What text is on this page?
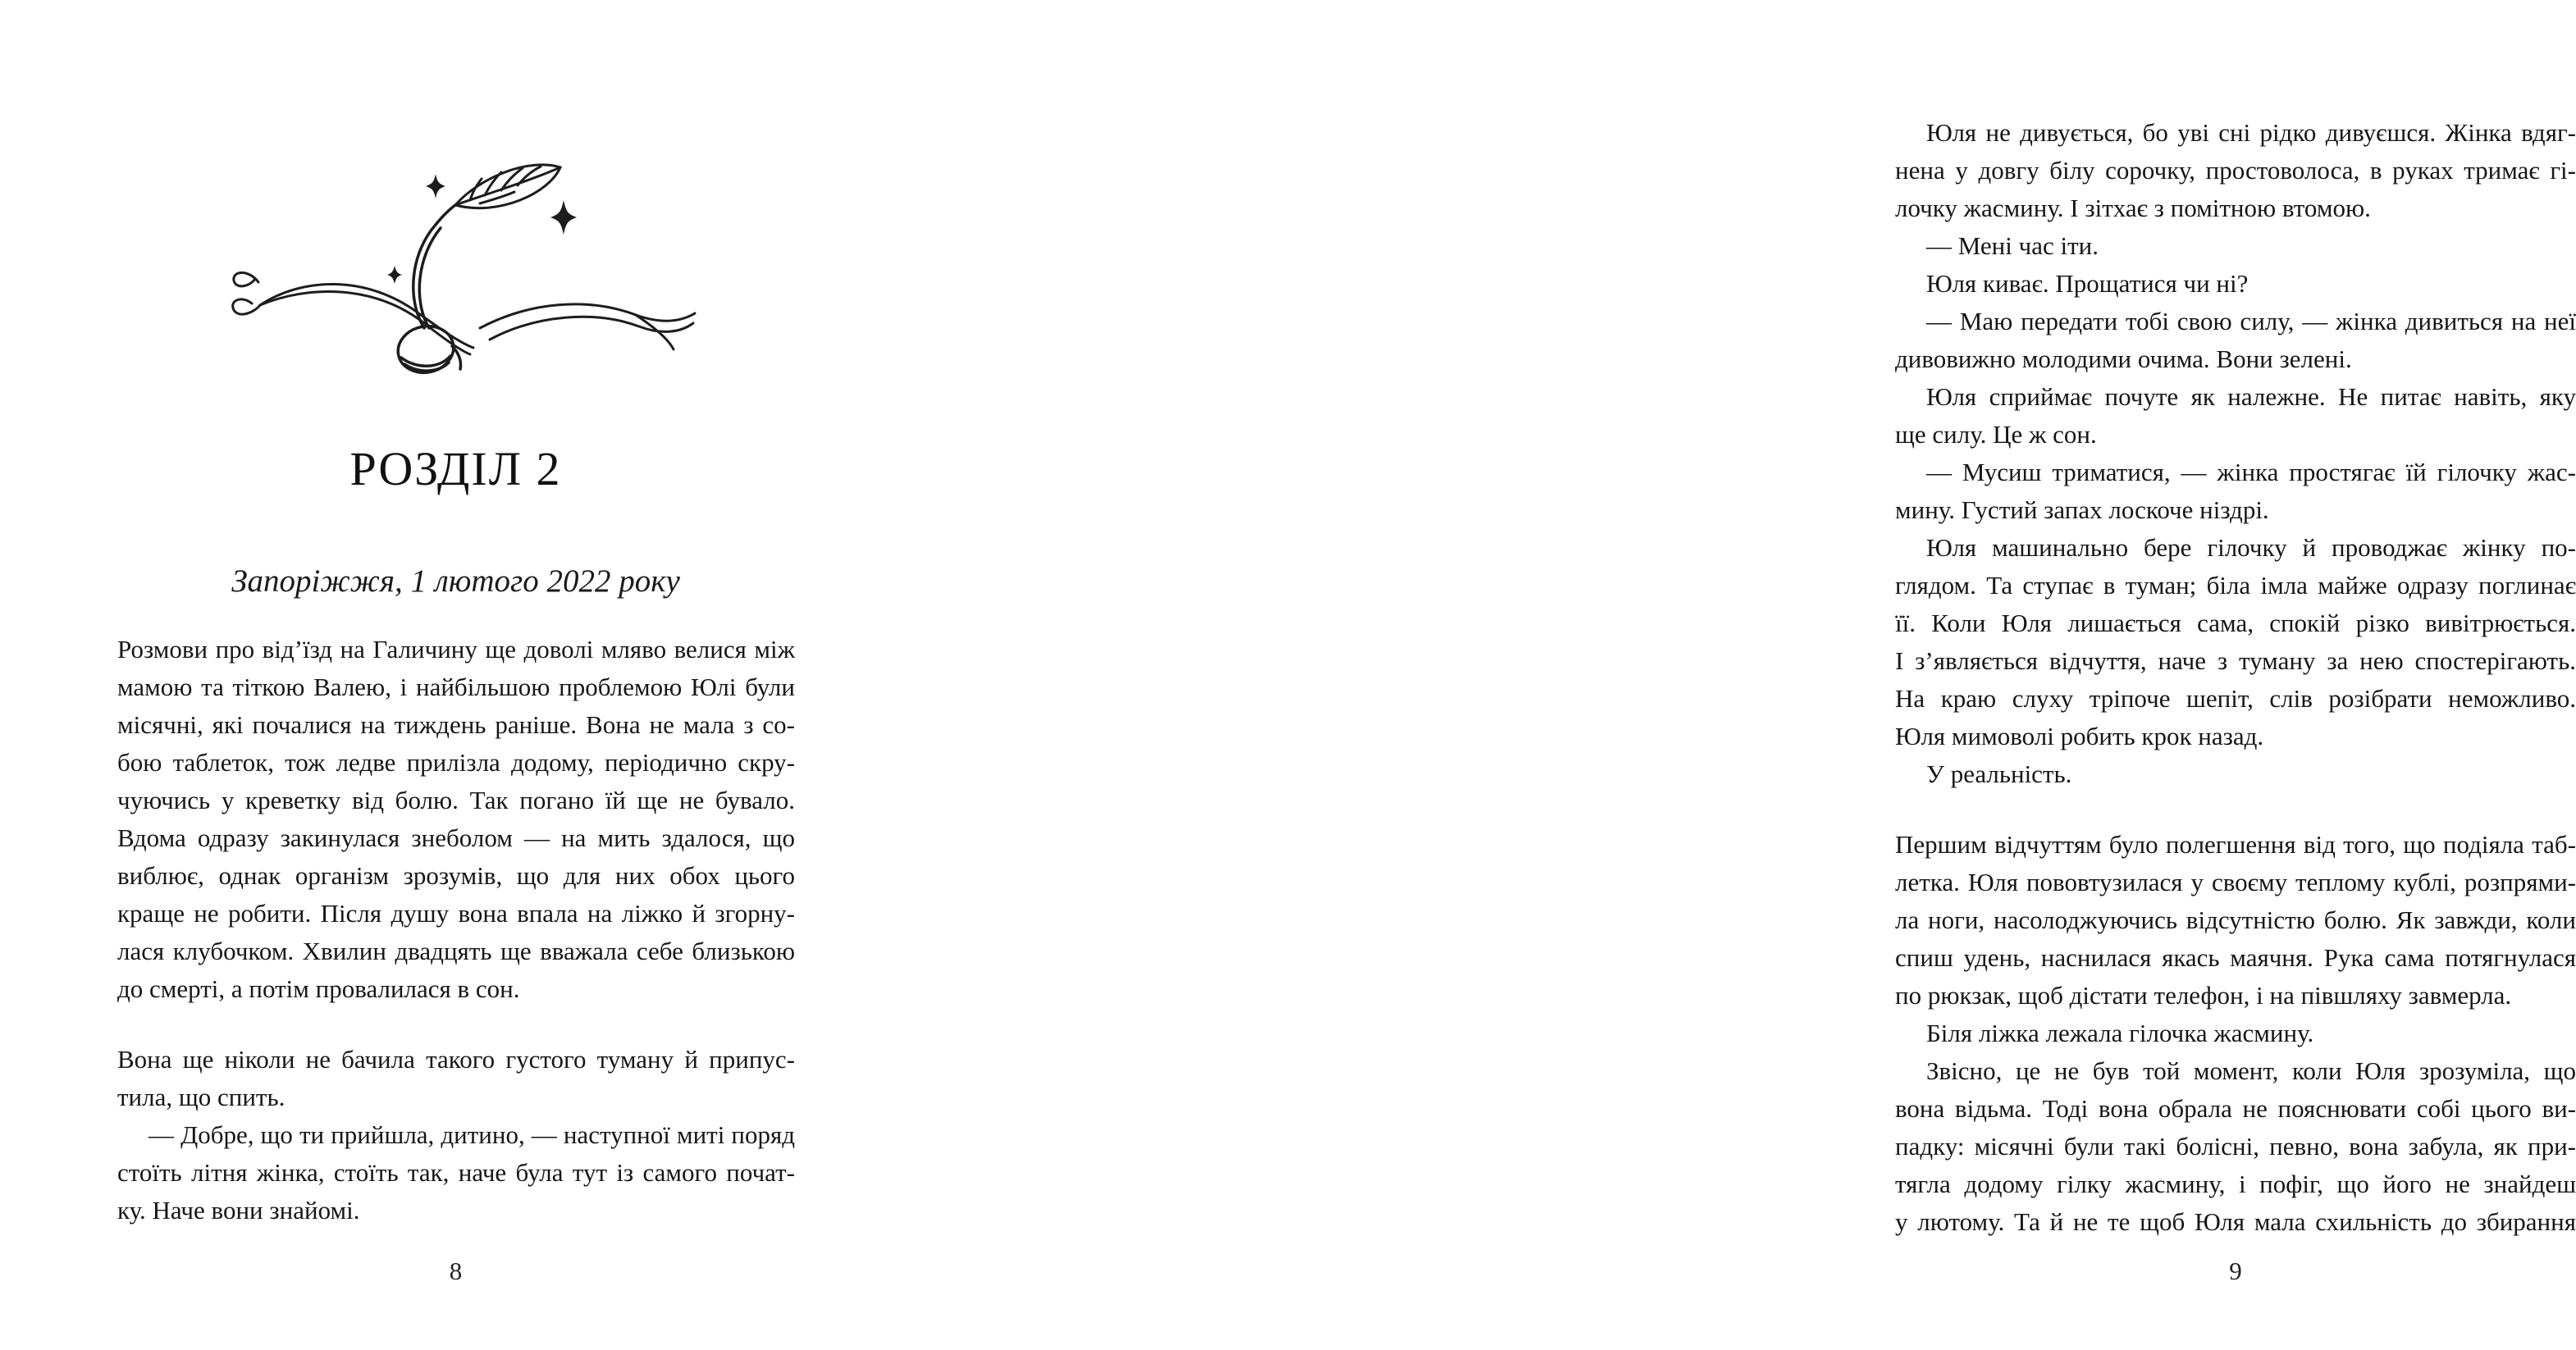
РОЗДІЛ 2
Запоріжжя, 1 лютого 2022 року
Розмови про від’їзд на Галичину ще доволі мляво велися між
мамою та тіткою Валею, і найбільшою проблемою Юлі були
місячні, які почалися на тиждень раніше. Вона не мала з со-
бою таблеток, тож ледве прилізла додому, періодично скру-
чуючись у креветку від болю. Так погано їй ще не бувало.
Вдома одразу закинулася знеболом — на мить здалося, що
виблює, однак організм зрозумів, що для них обох цього
краще не робити. Після душу вона впала на ліжко й згорну-
лася клубочком. Хвилин двадцять ще вважала себе близькою
до смерті, а потім провалилася в сон.
Вона ще ніколи не бачила такого густого туману й припус-
тила, що спить.
— Добре, що ти прийшла, дитино, — наступної миті поряд
стоїть літня жінка, стоїть так, наче була тут із самого почат-
ку. Наче вони знайомі.
8
Юля не дивується, бо уві сні рідко дивуєшся. Жінка вдяг-
нена у довгу білу сорочку, простоволоса, в руках тримає гі-
лочку жасмину. І зітхає з помітною втомою.
— Мені час іти.
Юля киває. Прощатися чи ні?
— Маю передати тобі свою силу, — жінка дивиться на неї
дивовижно молодими очима. Вони зелені.
Юля сприймає почуте як належне. Не питає навіть, яку
ще силу. Це ж сон.
— Мусиш триматися, — жінка простягає їй гілочку жас-
мину. Густий запах лоскоче ніздрі.
Юля машинально бере гілочку й проводжає жінку по-
глядом. Та ступає в туман; біла імла майже одразу поглинає
її. Коли Юля лишається сама, спокій різко вивітрюється.
І з’являється відчуття, наче з туману за нею спостерігають.
На краю слуху тріпоче шепіт, слів розібрати неможливо.
Юля мимоволі робить крок назад.
У реальність.
Першим відчуттям було полегшення від того, що подіяла таб-
летка. Юля пововтузилася у своєму теплому кублі, розпрями-
ла ноги, насолоджуючись відсутністю болю. Як завжди, коли
спиш удень, наснилася якась маячня. Рука сама потягнулася
по рюкзак, щоб дістати телефон, і на півшляху завмерла.
Біля ліжка лежала гілочка жасмину.
Звісно, це не був той момент, коли Юля зрозуміла, що
вона відьма. Тоді вона обрала не пояснювати собі цього ви-
падку: місячні були такі болісні, певно, вона забула, як при-
тягла додому гілку жасмину, і пофіг, що його не знайдеш
у лютому. Та й не те щоб Юля мала схильність до збирання
9
